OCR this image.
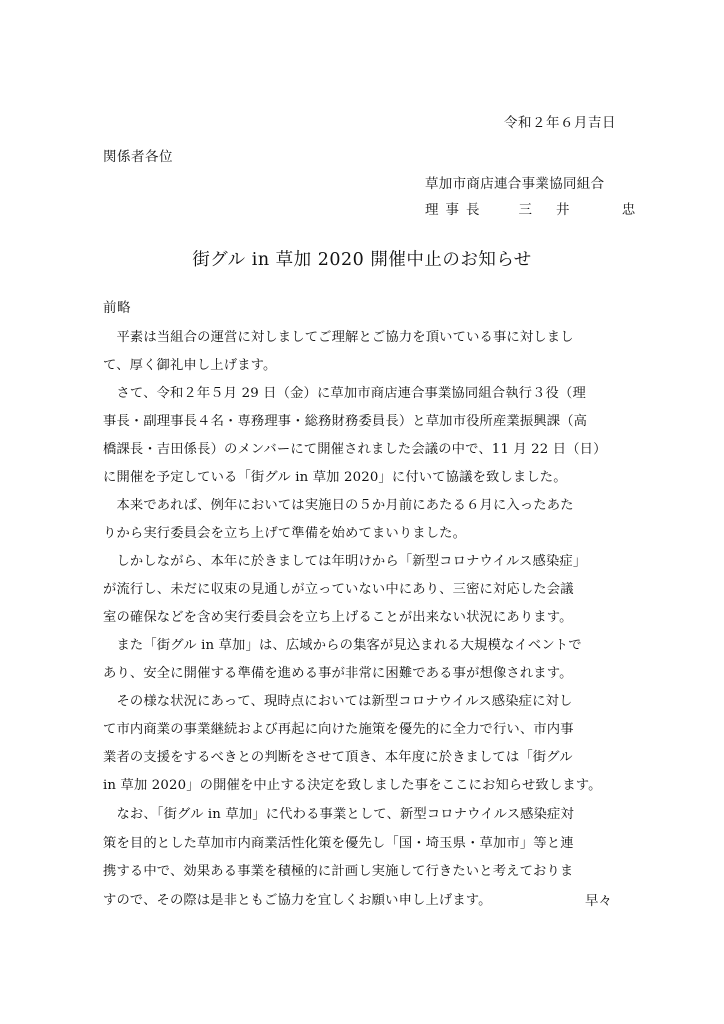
令和２年６月吉日
関係者各位
草加市商店連合事業協同組合
理事長 三井 忠
街グル in 草加 2020 開催中止のお知らせ
前略
　平素は当組合の運営に対しましてご理解とご協力を頂いている事に対しまし
て、厚く御礼申し上げます。
　さて、令和２年５月 29 日（金）に草加市商店連合事業協同組合執行３役（理
事長・副理事長４名・専務理事・総務財務委員長）と草加市役所産業振興課（高
橋課長・吉田係長）のメンバーにて開催されました会議の中で、11 月 22 日（日）
に開催を予定している「街グル in 草加 2020」に付いて協議を致しました。
　本来であれば、例年においては実施日の５か月前にあたる６月に入ったあた
りから実行委員会を立ち上げて準備を始めてまいりました。
　しかしながら、本年に於きましては年明けから「新型コロナウイルス感染症」
が流行し、未だに収束の見通しが立っていない中にあり、三密に対応した会議
室の確保などを含め実行委員会を立ち上げることが出来ない状況にあります。
　また「街グル in 草加」は、広域からの集客が見込まれる大規模なイベントで
あり、安全に開催する準備を進める事が非常に困難である事が想像されます。
　その様な状況にあって、現時点においては新型コロナウイルス感染症に対し
て市内商業の事業継続および再起に向けた施策を優先的に全力で行い、市内事
業者の支援をするべきとの判断をさせて頂き、本年度に於きましては「街グル
in 草加 2020」の開催を中止する決定を致しました事をここにお知らせ致します。
　なお、「街グル in 草加」に代わる事業として、新型コロナウイルス感染症対
策を目的とした草加市内商業活性化策を優先し「国・埼玉県・草加市」等と連
携する中で、効果ある事業を積極的に計画し実施して行きたいと考えておりま
すので、その際は是非ともご協力を宜しくお願い申し上げます。	早々
